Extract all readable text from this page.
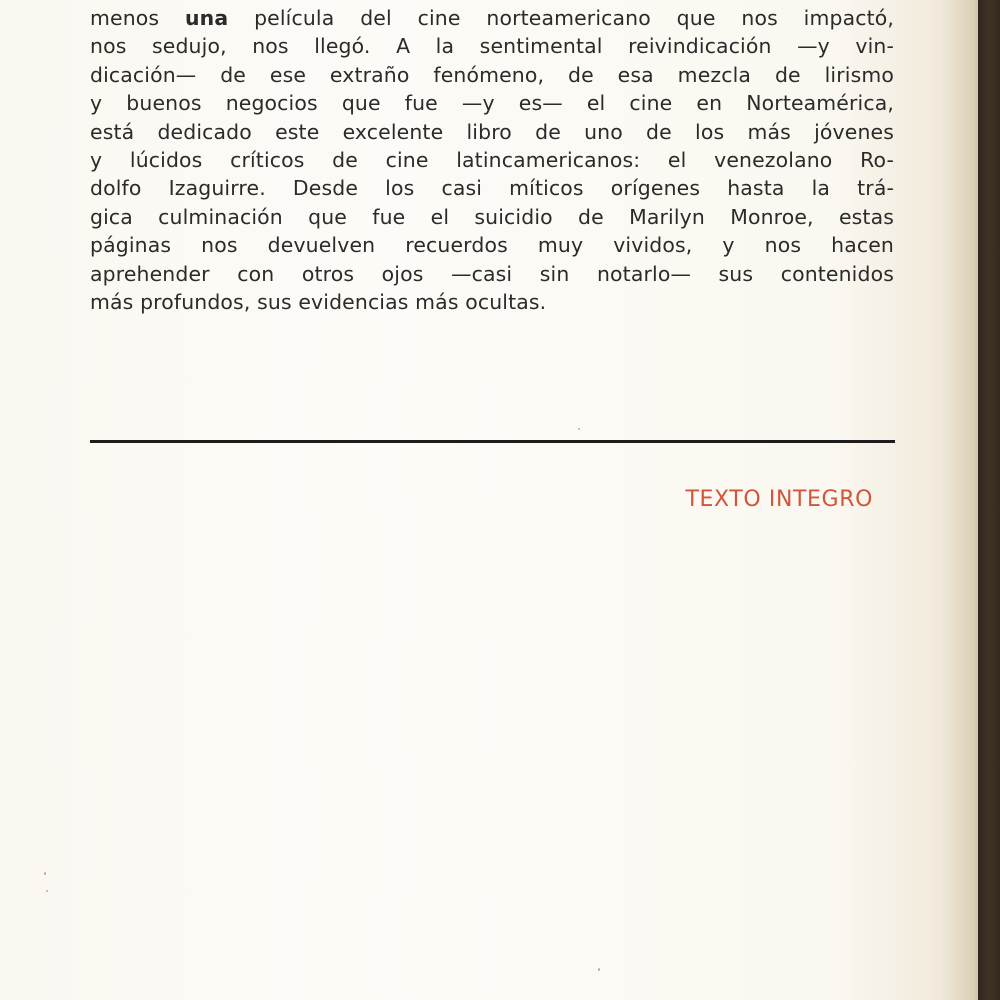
menos una película del cine norteamericano que nos impactó,
nos sedujo, nos llegó. A la sentimental reivindicación —y vin-
dicación— de ese extraño fenómeno, de esa mezcla de lirismo
y buenos negocios que fue —y es— el cine en Norteamérica,
está dedicado este excelente libro de uno de los más jóvenes
y lúcidos críticos de cine latincamericanos: el venezolano Ro-
dolfo Izaguirre. Desde los casi míticos orígenes hasta la trá-
gica culminación que fue el suicidio de Marilyn Monroe, estas
páginas nos devuelven recuerdos muy vividos, y nos hacen
aprehender con otros ojos —casi sin notarlo— sus contenidos
más profundos, sus evidencias más ocultas.
TEXTO INTEGRO
